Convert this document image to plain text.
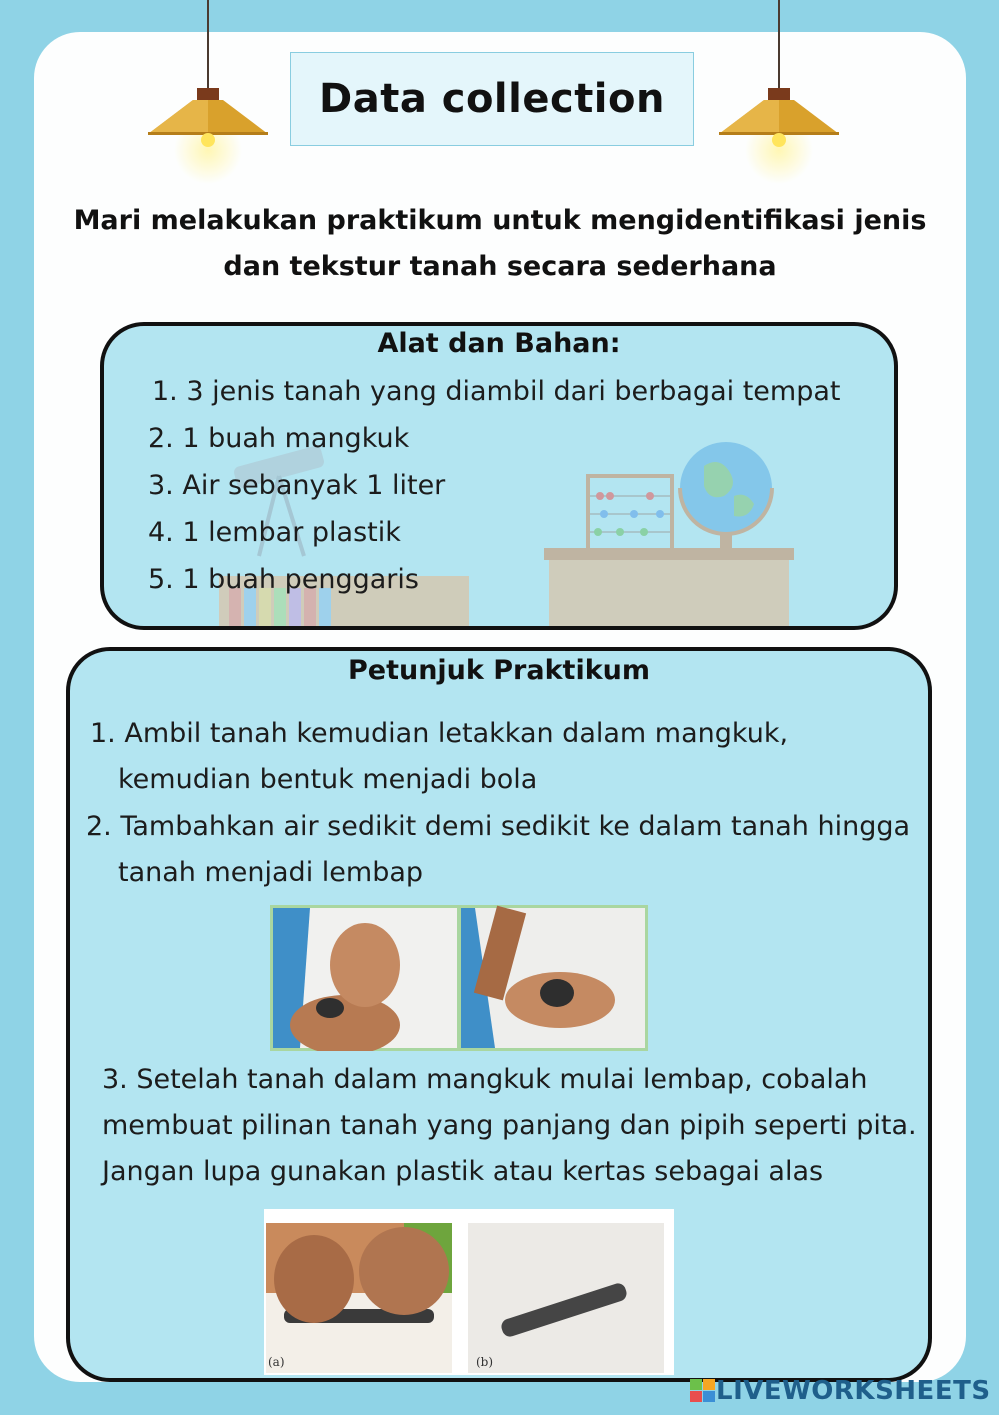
Data collection
Mari melakukan praktikum untuk mengidentifikasi jenis
dan tekstur tanah secara sederhana
Alat dan Bahan:
1. 3 jenis tanah yang diambil dari berbagai tempat
2. 1 buah mangkuk
3. Air sebanyak 1 liter
4. 1 lembar plastik
5. 1 buah penggaris
Petunjuk Praktikum
1. Ambil tanah kemudian letakkan dalam mangkuk,
kemudian bentuk menjadi bola
2. Tambahkan air sedikit demi sedikit ke dalam tanah hingga
tanah menjadi lembap
3. Setelah tanah dalam mangkuk mulai lembap, cobalah
membuat pilinan tanah yang panjang dan pipih seperti pita.
Jangan lupa gunakan plastik atau kertas sebagai alas
(a)	(b)
LIVEWORKSHEETS
